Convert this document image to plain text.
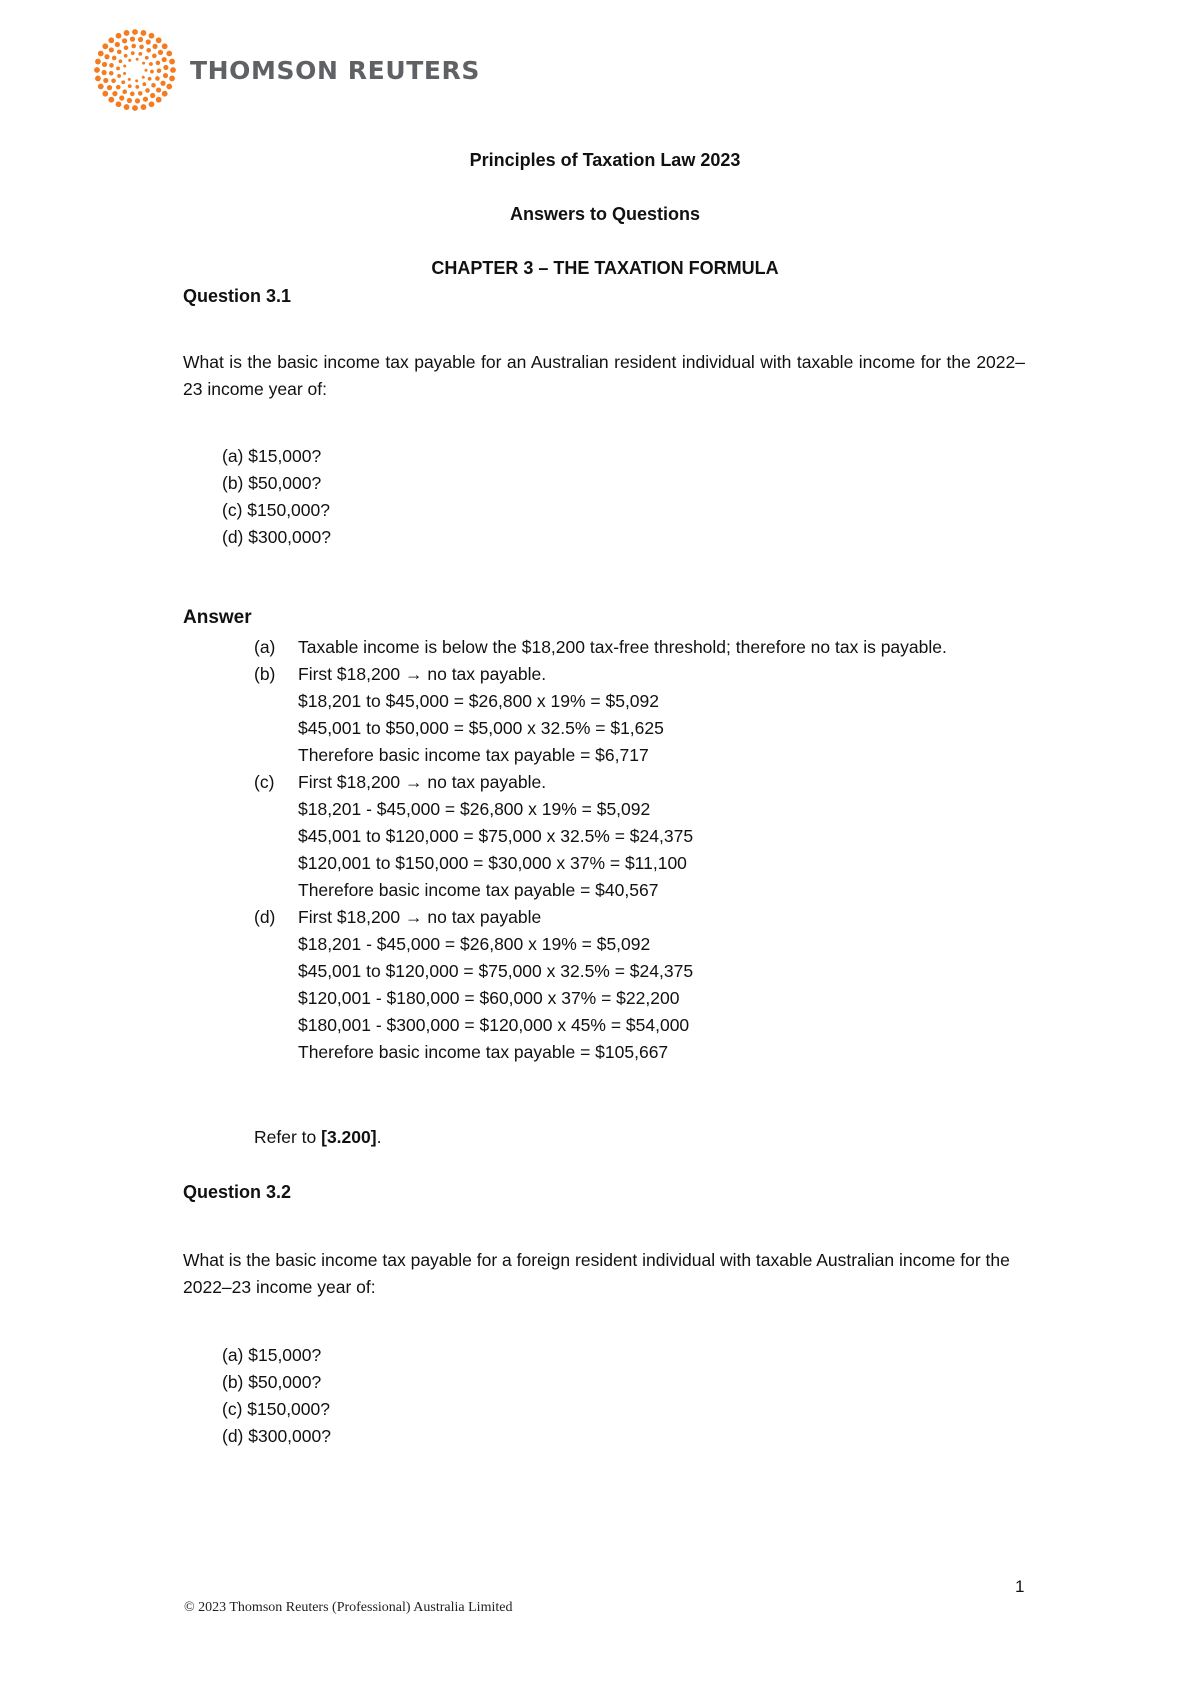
THOMSON REUTERS
Principles of Taxation Law 2023
Answers to Questions
CHAPTER 3 – THE TAXATION FORMULA
Question 3.1
What is the basic income tax payable for an Australian resident individual with taxable income for the 2022–23 income year of:
(a) $15,000?
(b) $50,000?
(c) $150,000?
(d) $300,000?
Answer
(a)	Taxable income is below the $18,200 tax-free threshold; therefore no tax is payable.
(b)	First $18,200 → no tax payable.
$18,201 to $45,000 = $26,800 x 19% = $5,092
$45,001 to $50,000 = $5,000 x 32.5% = $1,625
Therefore basic income tax payable = $6,717
(c)	First $18,200 → no tax payable.
$18,201 - $45,000 = $26,800 x 19% = $5,092
$45,001 to $120,000 = $75,000 x 32.5% = $24,375
$120,001 to $150,000 = $30,000 x 37% = $11,100
Therefore basic income tax payable = $40,567
(d)	First $18,200 → no tax payable
$18,201 - $45,000 = $26,800 x 19% = $5,092
$45,001 to $120,000 = $75,000 x 32.5% = $24,375
$120,001 - $180,000 = $60,000 x 37% = $22,200
$180,001 - $300,000 = $120,000 x 45% = $54,000
Therefore basic income tax payable = $105,667
Refer to [3.200].
Question 3.2
What is the basic income tax payable for a foreign resident individual with taxable Australian income for the 2022–23 income year of:
(a) $15,000?
(b) $50,000?
(c) $150,000?
(d) $300,000?
1
© 2023 Thomson Reuters (Professional) Australia Limited
